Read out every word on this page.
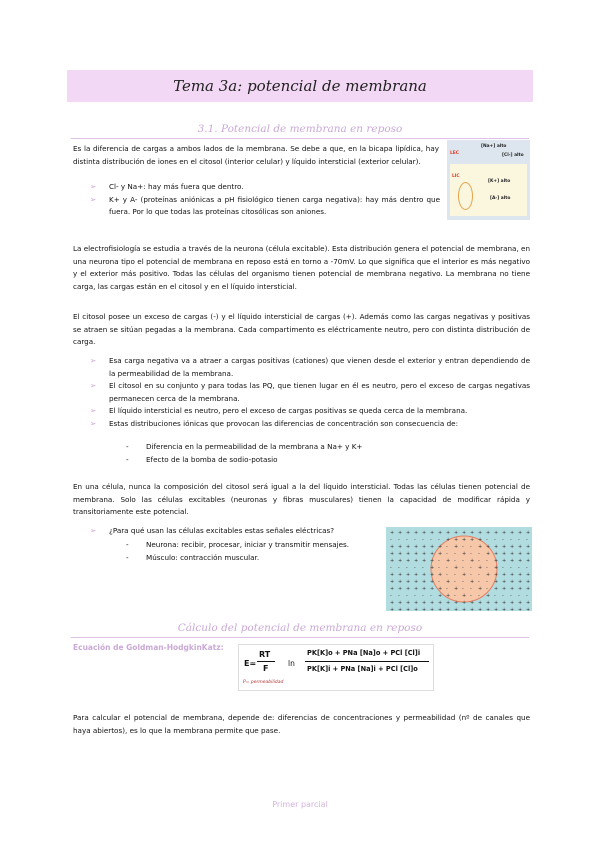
Tema 3a: potencial de membrana
3.1. Potencial de membrana en reposo
Es la diferencia de cargas a ambos lados de la membrana. Se debe a que, en la bicapa lipídica, hay distinta distribución de iones en el citosol (interior celular) y líquido intersticial (exterior celular).
➢ Cl- y Na+: hay más fuera que dentro.
➢ K+ y A- (proteínas aniónicas a pH fisiológico tienen carga negativa): hay más dentro que fuera. Por lo que todas las proteínas citosólicas son aniones.
LEC
[Na+] alto
[Cl-] alto
LIC
[K+] alto
[A-] alto
La electrofisiología se estudia a través de la neurona (célula excitable). Esta distribución genera el potencial de membrana, en una neurona tipo el potencial de membrana en reposo está en torno a -70mV. Lo que significa que el interior es más negativo y el exterior más positivo. Todas las células del organismo tienen potencial de membrana negativo. La membrana no tiene carga, las cargas están en el citosol y en el líquido intersticial.
El citosol posee un exceso de cargas (-) y el líquido intersticial de cargas (+). Además como las cargas negativas y positivas se atraen se sitúan pegadas a la membrana. Cada compartimento es eléctricamente neutro, pero con distinta distribución de carga.
➢ Esa carga negativa va a atraer a cargas positivas (cationes) que vienen desde el exterior y entran dependiendo de la permeabilidad de la membrana.
➢ El citosol en su conjunto y para todas las PQ, que tienen lugar en él es neutro, pero el exceso de cargas negativas permanecen cerca de la membrana.
➢ El líquido intersticial es neutro, pero el exceso de cargas positivas se queda cerca de la membrana.
➢ Estas distribuciones iónicas que provocan las diferencias de concentración son consecuencia de:
- Diferencia en la permeabilidad de la membrana a Na+ y K+
- Efecto de la bomba de sodio-potasio
En una célula, nunca la composición del citosol será igual a la del líquido intersticial. Todas las células tienen potencial de membrana. Solo las células excitables (neuronas y fibras musculares) tienen la capacidad de modificar rápida y transitoriamente este potencial.
➢ ¿Para qué usan las células excitables estas señales eléctricas?
- Neurona: recibir, procesar, iniciar y transmitir mensajes.
- Músculo: contracción muscular.
+ + + + + + + + + + + + + + + + + +
- - - - - - - + + + + + - - - - - -
+ + + + + + + - + - - + + + + + + +
+ + + + + + + - - + - - + + + + + +
+ + + + + + - + - - + - - + + + + +
- - - - - + - - + - - + - + - - - -
+ + + + + + + - - + - - + + + + + +
+ + + + + + - + - - + - - + + + + +
+ + + + + + + - + - - + - + + + + +
- - - - - - + + - + - - + - - - - -
+ + + + + + + + + + + + + + + + + +
+ + + + + + + + + + + + + + + + + +
Cálculo del potencial de membrana en reposo
Ecuación de Goldman-HodgkinKatz:
E=
RT
F
ln
PK[K]o + PNa [Na]o + PCl [Cl]i
PK[K]i + PNa [Na]i + PCl [Cl]o
P= permeabilidad
Para calcular el potencial de membrana, depende de: diferencias de concentraciones y permeabilidad (nº de canales que haya abiertos), es lo que la membrana permite que pase.
Primer parcial
